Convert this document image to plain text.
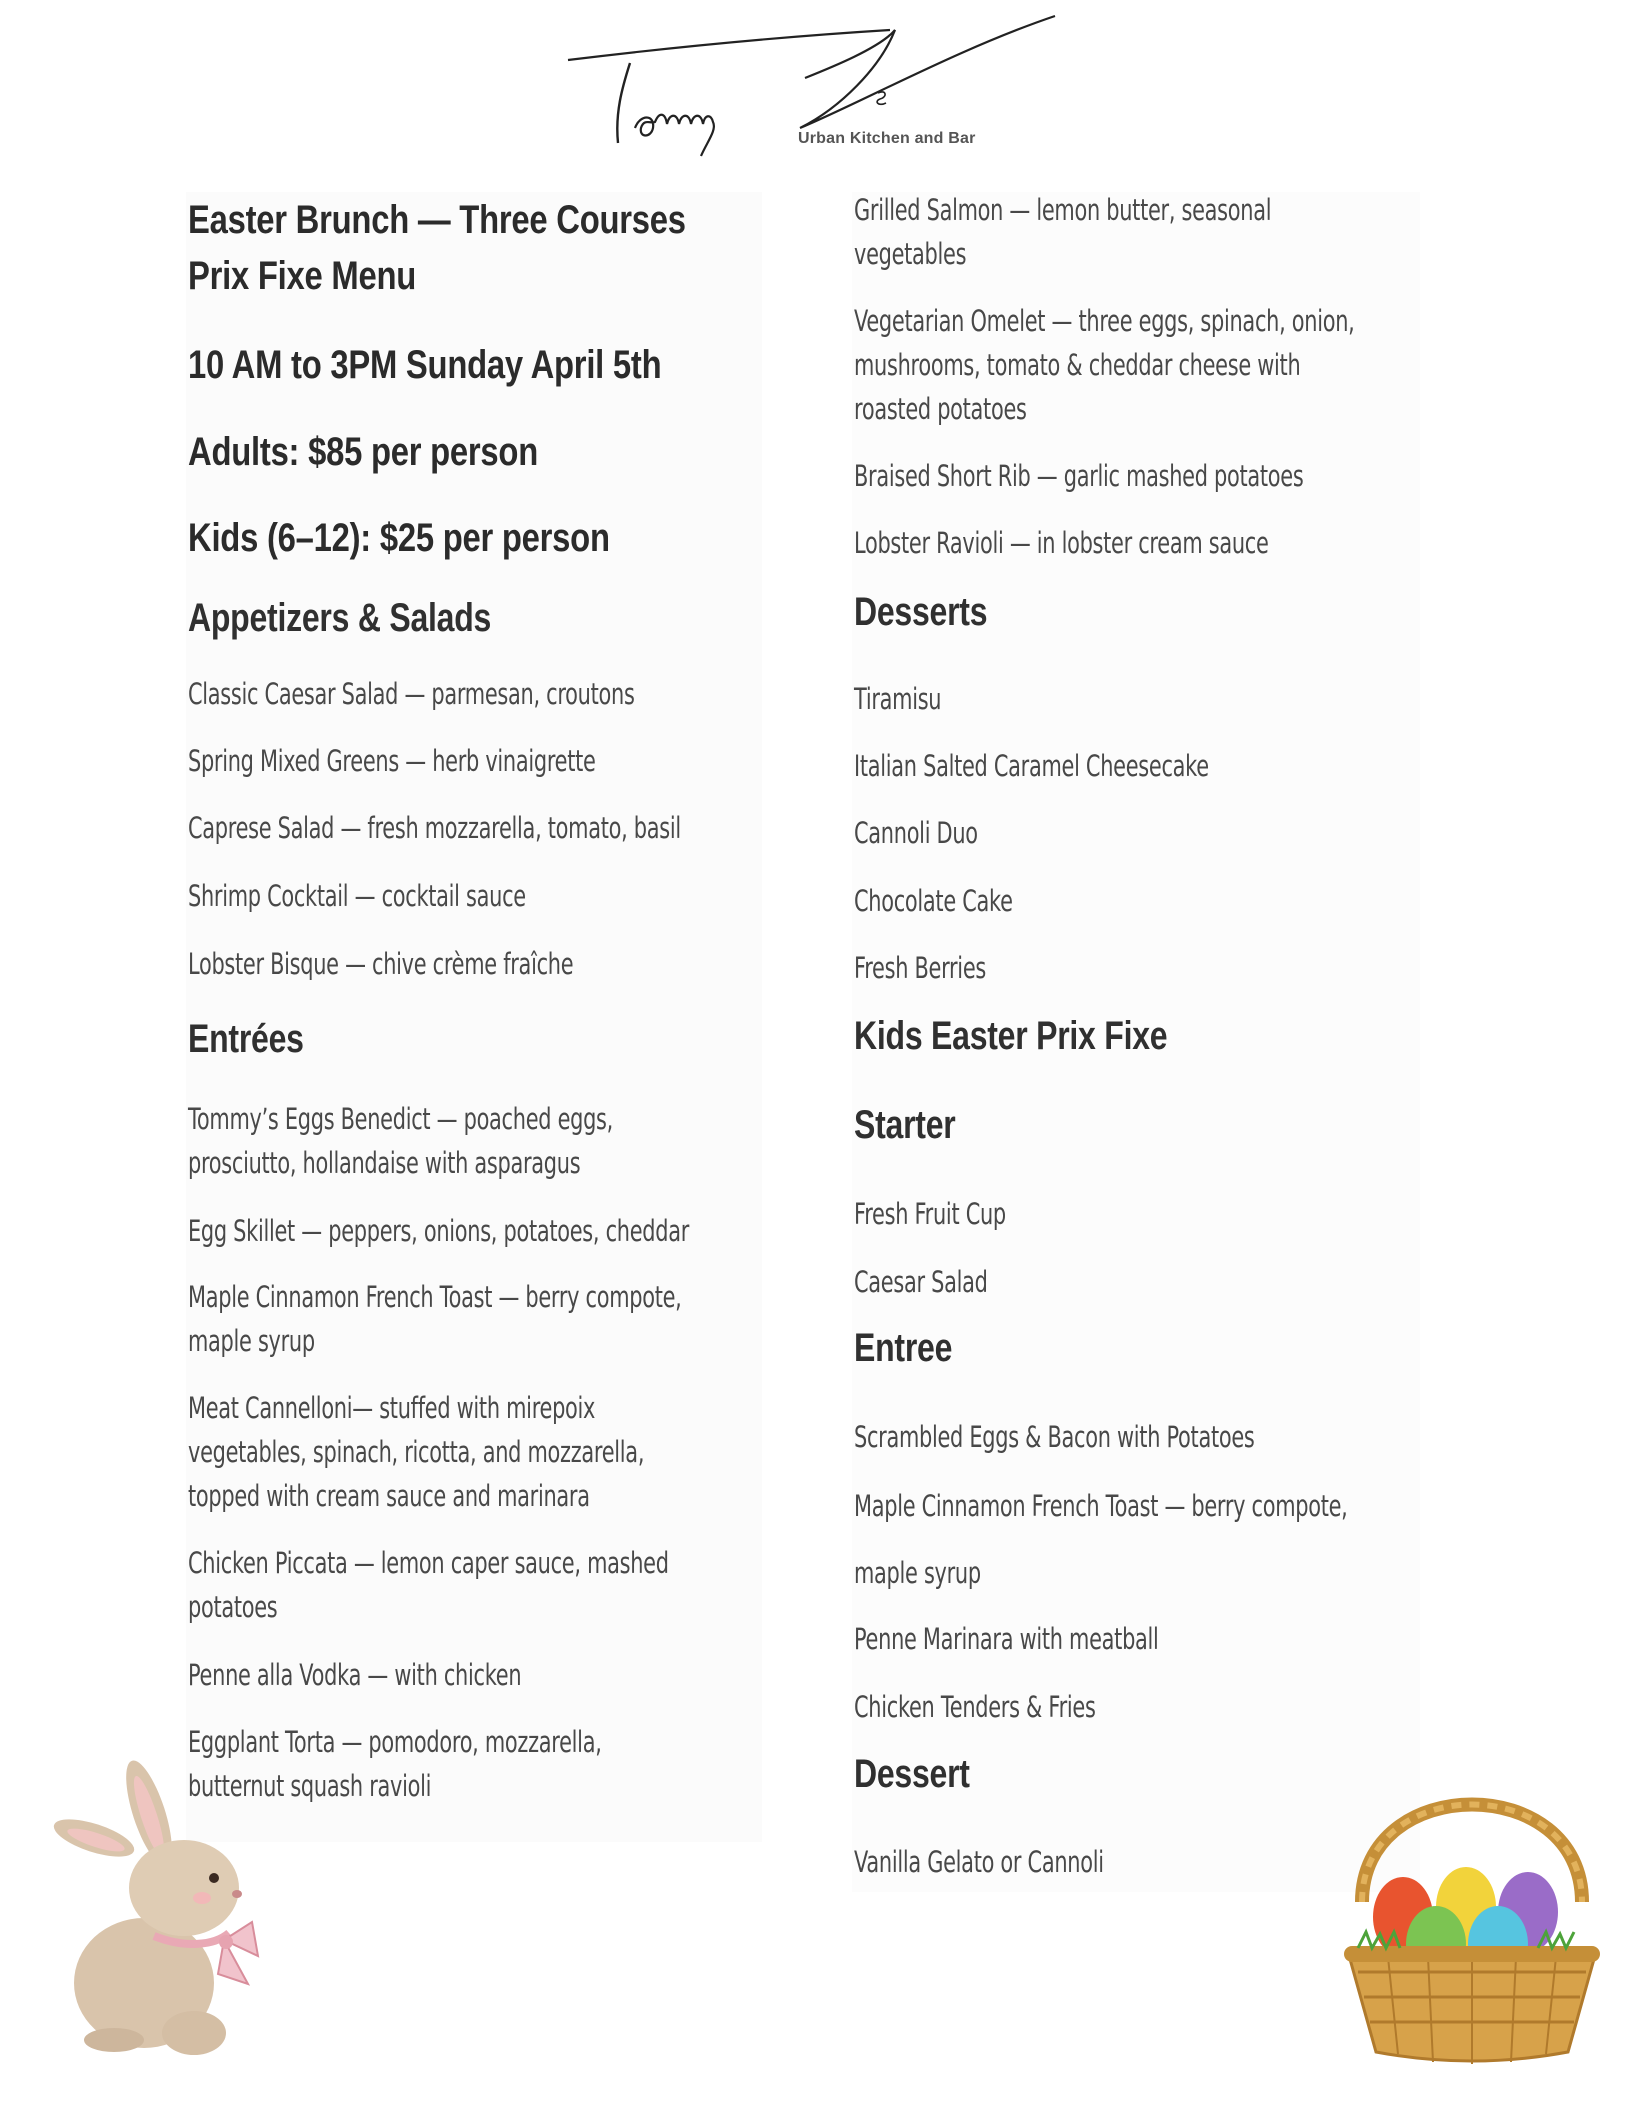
Urban Kitchen and Bar
Easter Brunch — Three Courses
Prix Fixe Menu
10 AM to 3PM Sunday April 5th
Adults: $85 per person
Kids (6–12): $25 per person
Appetizers & Salads
Classic Caesar Salad — parmesan, croutons
Spring Mixed Greens — herb vinaigrette
Caprese Salad — fresh mozzarella, tomato, basil
Shrimp Cocktail — cocktail sauce
Lobster Bisque — chive crème fraîche
Entrées
Tommy’s Eggs Benedict — poached eggs,
prosciutto, hollandaise with asparagus
Egg Skillet — peppers, onions, potatoes, cheddar
Maple Cinnamon French Toast — berry compote,
maple syrup
Meat Cannelloni— stuffed with mirepoix
vegetables, spinach, ricotta, and mozzarella,
topped with cream sauce and marinara
Chicken Piccata — lemon caper sauce, mashed
potatoes
Penne alla Vodka — with chicken
Eggplant Torta — pomodoro, mozzarella,
butternut squash ravioli
Grilled Salmon — lemon butter, seasonal
vegetables
Vegetarian Omelet — three eggs, spinach, onion,
mushrooms, tomato & cheddar cheese with
roasted potatoes
Braised Short Rib — garlic mashed potatoes
Lobster Ravioli — in lobster cream sauce
Desserts
Tiramisu
Italian Salted Caramel Cheesecake
Cannoli Duo
Chocolate Cake
Fresh Berries
Kids Easter Prix Fixe
Starter
Fresh Fruit Cup
Caesar Salad
Entree
Scrambled Eggs & Bacon with Potatoes
Maple Cinnamon French Toast — berry compote,
maple syrup
Penne Marinara with meatball
Chicken Tenders & Fries
Dessert
Vanilla Gelato or Cannoli
